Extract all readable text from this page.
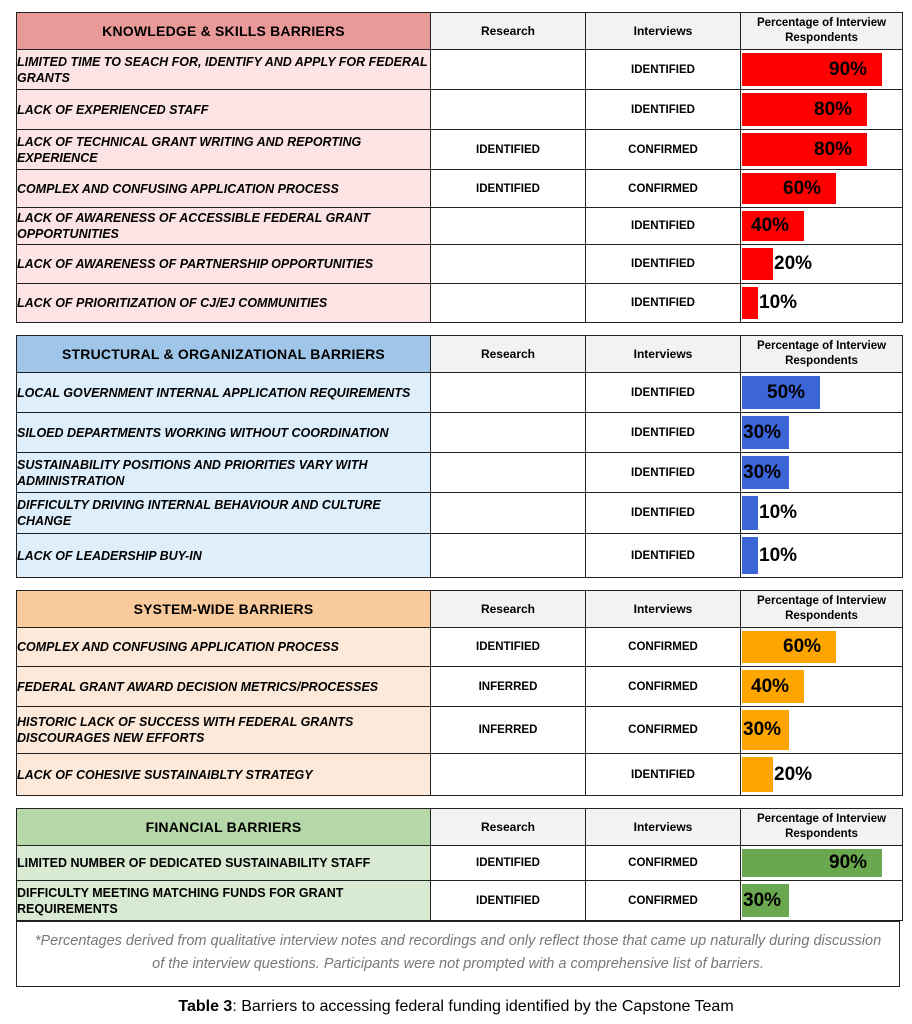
KNOWLEDGE & SKILLS BARRIERS	Research	Interviews	Percentage of Interview Respondents
LIMITED TIME TO SEACH FOR, IDENTIFY AND APPLY FOR FEDERAL GRANTS		IDENTIFIED	90%

LACK OF EXPERIENCED STAFF		IDENTIFIED	80%

LACK OF TECHNICAL GRANT WRITING AND REPORTING EXPERIENCE	IDENTIFIED	CONFIRMED	80%

COMPLEX AND CONFUSING APPLICATION PROCESS	IDENTIFIED	CONFIRMED	60%

LACK OF AWARENESS OF ACCESSIBLE FEDERAL GRANT OPPORTUNITIES		IDENTIFIED	40%

LACK OF AWARENESS OF PARTNERSHIP OPPORTUNITIES		IDENTIFIED	20%

LACK OF PRIORITIZATION OF CJ/EJ COMMUNITIES		IDENTIFIED	10%
STRUCTURAL & ORGANIZATIONAL BARRIERS	Research	Interviews	Percentage of Interview Respondents
LOCAL GOVERNMENT INTERNAL APPLICATION REQUIREMENTS		IDENTIFIED	50%

SILOED DEPARTMENTS WORKING WITHOUT COORDINATION		IDENTIFIED	30%

SUSTAINABILITY POSITIONS AND PRIORITIES VARY WITH ADMINISTRATION		IDENTIFIED	30%

DIFFICULTY DRIVING INTERNAL BEHAVIOUR AND CULTURE CHANGE		IDENTIFIED	10%

LACK OF LEADERSHIP BUY-IN		IDENTIFIED	10%
SYSTEM-WIDE BARRIERS	Research	Interviews	Percentage of Interview Respondents
COMPLEX AND CONFUSING APPLICATION PROCESS	IDENTIFIED	CONFIRMED	60%

FEDERAL GRANT AWARD DECISION METRICS/PROCESSES	INFERRED	CONFIRMED	40%

HISTORIC LACK OF SUCCESS WITH FEDERAL GRANTS DISCOURAGES NEW EFFORTS	INFERRED	CONFIRMED	30%

LACK OF COHESIVE SUSTAINAIBLTY STRATEGY		IDENTIFIED	20%
FINANCIAL BARRIERS	Research	Interviews	Percentage of Interview Respondents
LIMITED NUMBER OF DEDICATED SUSTAINABILITY STAFF	IDENTIFIED	CONFIRMED	90%

DIFFICULTY MEETING MATCHING FUNDS FOR GRANT REQUIREMENTS	IDENTIFIED	CONFIRMED	30%
*Percentages derived from qualitative interview notes and recordings and only reflect those that came up naturally during discussion of the interview questions. Participants were not prompted with a comprehensive list of barriers.
Table 3: Barriers to accessing federal funding identified by the Capstone Team
